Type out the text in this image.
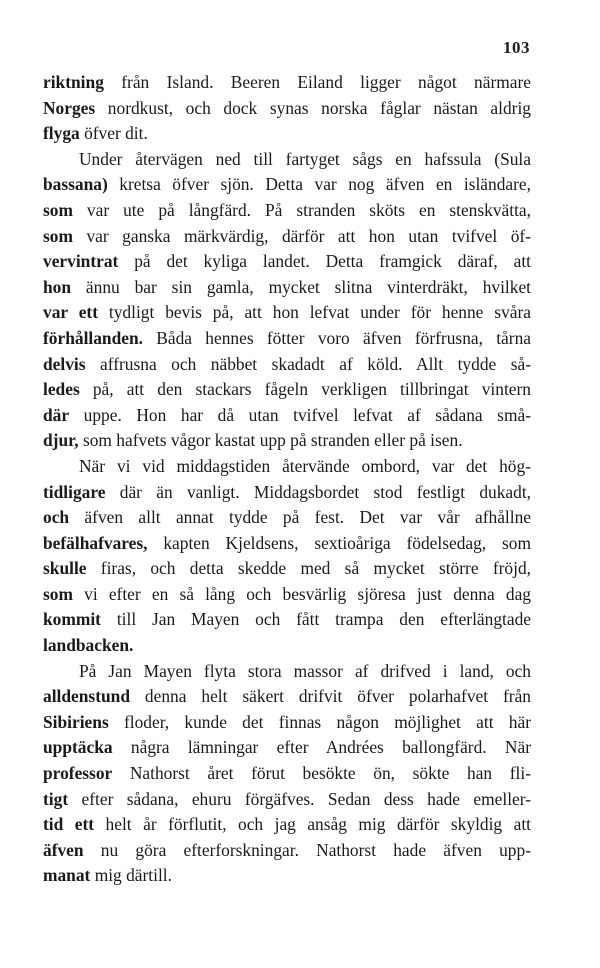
103
riktning från Island. Beeren Eiland ligger något närmare
Norges nordkust, och dock synas norska fåglar nästan aldrig
flyga öfver dit.
Under återvägen ned till fartyget sågs en hafssula (Sula
bassana) kretsa öfver sjön. Detta var nog äfven en isländare,
som var ute på långfärd. På stranden sköts en stenskvätta,
som var ganska märkvärdig, därför att hon utan tvifvel öf-
vervintrat på det kyliga landet. Detta framgick däraf, att
hon ännu bar sin gamla, mycket slitna vinterdräkt, hvilket
var ett tydligt bevis på, att hon lefvat under för henne svåra
förhållanden. Båda hennes fötter voro äfven förfrusna, tårna
delvis affrusna och näbbet skadadt af köld. Allt tydde så-
ledes på, att den stackars fågeln verkligen tillbringat vintern
där uppe. Hon har då utan tvifvel lefvat af sådana små-
djur, som hafvets vågor kastat upp på stranden eller på isen.
När vi vid middagstiden återvände ombord, var det hög-
tidligare där än vanligt. Middagsbordet stod festligt dukadt,
och äfven allt annat tydde på fest. Det var vår afhållne
befälhafvares, kapten Kjeldsens, sextioåriga födelsedag, som
skulle firas, och detta skedde med så mycket större fröjd,
som vi efter en så lång och besvärlig sjöresa just denna dag
kommit till Jan Mayen och fått trampa den efterlängtade
landbacken.
På Jan Mayen flyta stora massor af drifved i land, och
alldenstund denna helt säkert drifvit öfver polarhafvet från
Sibiriens floder, kunde det finnas någon möjlighet att här
upptäcka några lämningar efter Andrées ballongfärd. När
professor Nathorst året förut besökte ön, sökte han fli-
tigt efter sådana, ehuru förgäfves. Sedan dess hade emeller-
tid ett helt år förflutit, och jag ansåg mig därför skyldig att
äfven nu göra efterforskningar. Nathorst hade äfven upp-
manat mig därtill.
